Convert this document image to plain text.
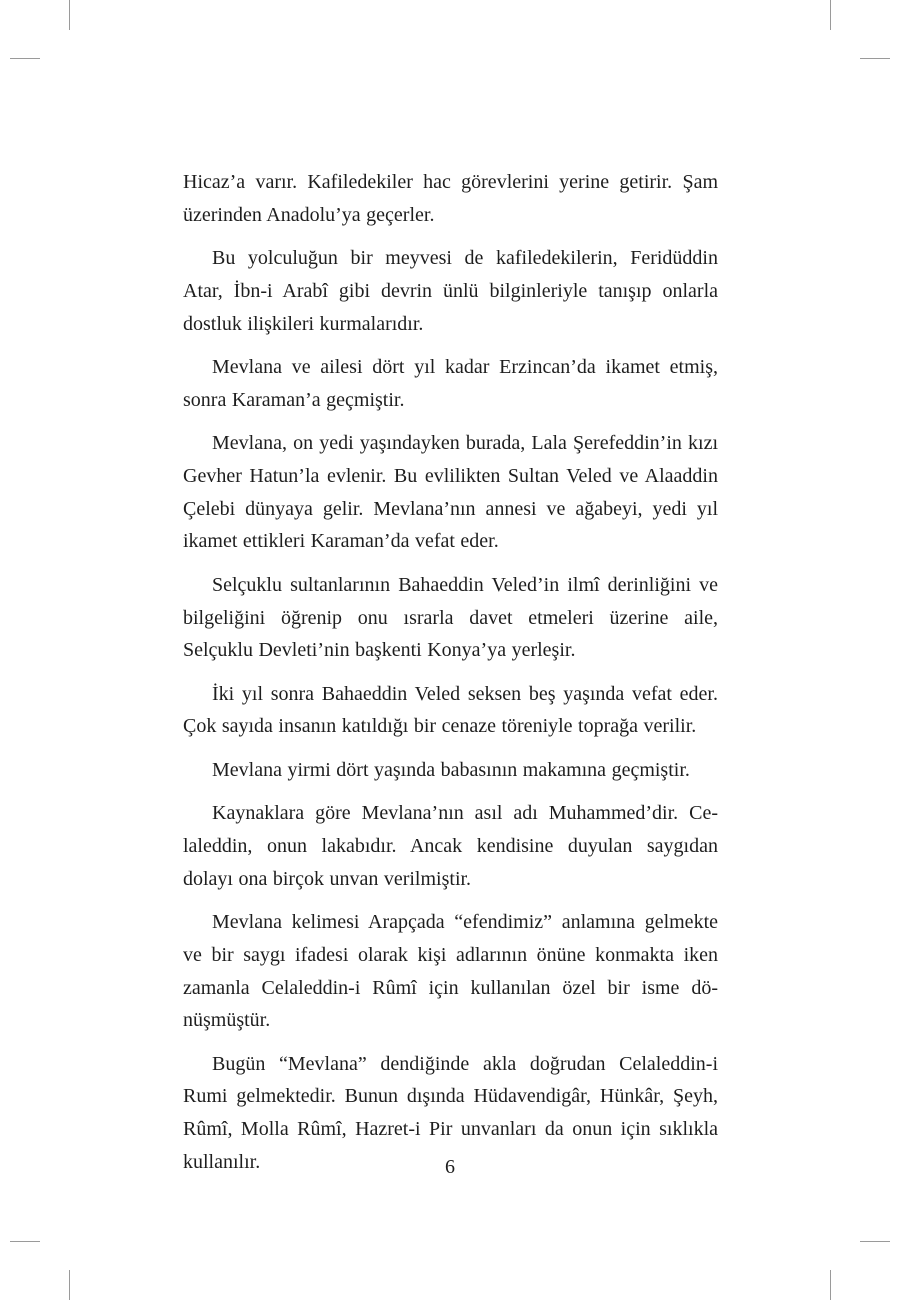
Hicaz’a varır. Kafiledekiler hac görevlerini yerine getirir. Şam üzerinden Anadolu’ya geçerler.

Bu yolculuğun bir meyvesi de kafiledekilerin, Feridüddin Atar, İbn-i Arabî gibi devrin ünlü bilginleriyle tanışıp onlarla dostluk ilişkileri kurmalarıdır.

Mevlana ve ailesi dört yıl kadar Erzincan’da ikamet etmiş, sonra Karaman’a geçmiştir.

Mevlana, on yedi yaşındayken burada, Lala Şerefeddin’in kızı Gevher Hatun’la evlenir. Bu evlilikten Sultan Veled ve Alaaddin Çelebi dünyaya gelir. Mevlana’nın annesi ve ağabeyi, yedi yıl ikamet ettikleri Karaman’da vefat eder.

Selçuklu sultanlarının Bahaeddin Veled’in ilmî derinliğini ve bilgeliğini öğrenip onu ısrarla davet etmeleri üzerine aile, Selçuklu Devleti’nin başkenti Konya’ya yerleşir.

İki yıl sonra Bahaeddin Veled seksen beş yaşında vefat eder. Çok sayıda insanın katıldığı bir cenaze töreniyle toprağa verilir.

Mevlana yirmi dört yaşında babasının makamına geçmiştir.

Kaynaklara göre Mevlana’nın asıl adı Muhammed’dir. Celaleddin, onun lakabıdır. Ancak kendisine duyulan saygıdan dolayı ona birçok unvan verilmiştir.

Mevlana kelimesi Arapçada “efendimiz” anlamına gelmekte ve bir saygı ifadesi olarak kişi adlarının önüne konmakta iken zamanla Celaleddin-i Rûmî için kullanılan özel bir isme dönüşmüştür.

Bugün “Mevlana” dendiğinde akla doğrudan Celaleddin-i Rumi gelmektedir. Bunun dışında Hüdavendigâr, Hünkâr, Şeyh, Rûmî, Molla Rûmî, Hazret-i Pir unvanları da onun için sıklıkla kullanılır.	6
